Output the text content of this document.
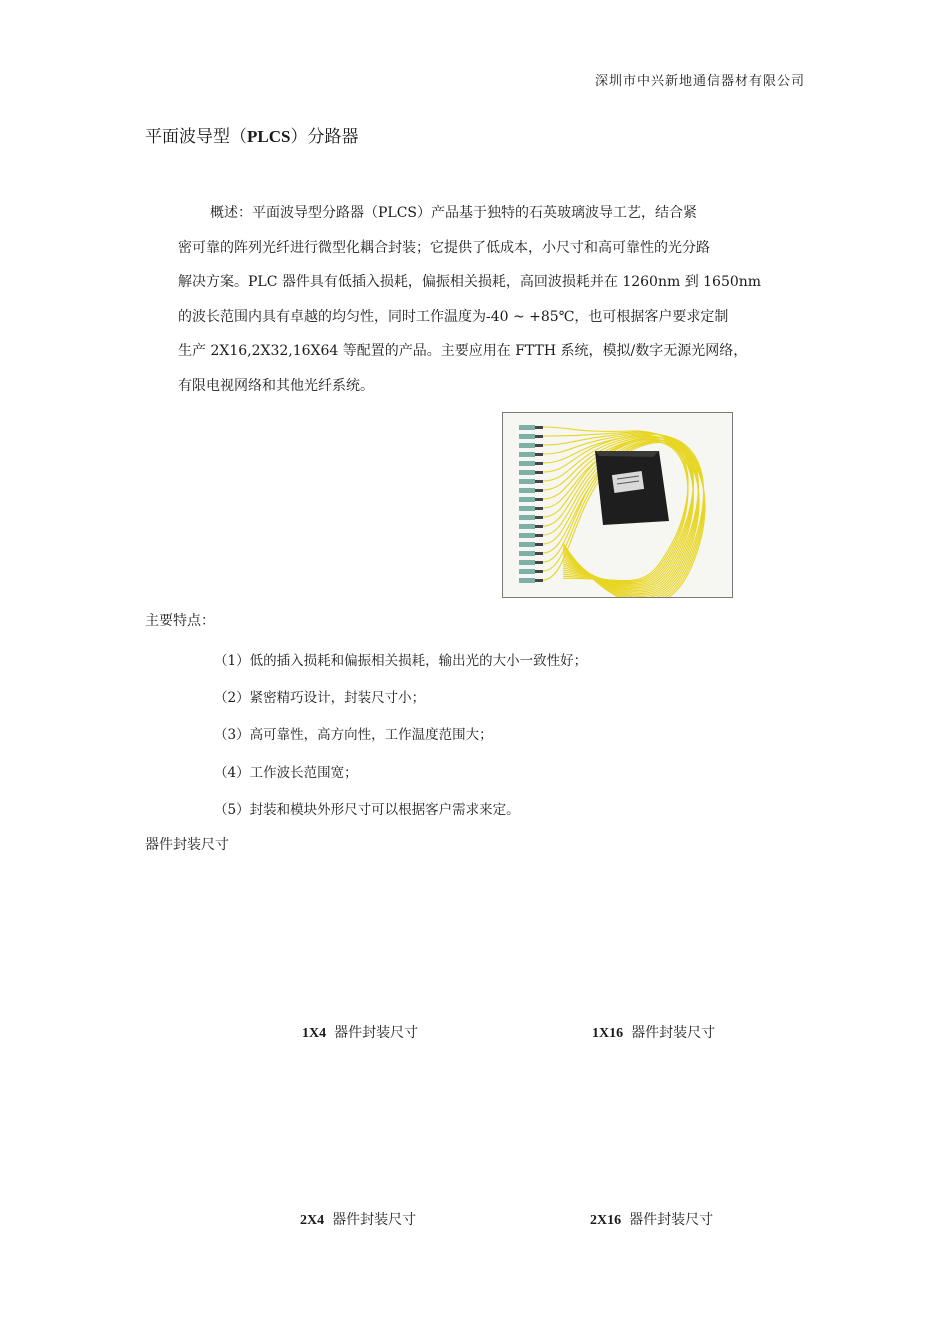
深圳市中兴新地通信器材有限公司
平面波导型（PLCS）分路器

概述：平面波导型分路器（PLCS）产品基于独特的石英玻璃波导工艺，结合紧

密可靠的阵列光纤进行微型化耦合封装；它提供了低成本，小尺寸和高可靠性的光分路

解决方案。PLC 器件具有低插入损耗，偏振相关损耗，高回波损耗并在 1260nm 到 1650nm

的波长范围内具有卓越的均匀性，同时工作温度为-40 ~ +85℃，也可根据客户要求定制

生产 2X16,2X32,16X64 等配置的产品。主要应用在 FTTH 系统，模拟/数字无源光网络，

有限电视网络和其他光纤系统。

主要特点：
（1）低的插入损耗和偏振相关损耗，输出光的大小一致性好；
（2）紧密精巧设计，封装尺寸小；
（3）高可靠性，高方向性，工作温度范围大；
（4）工作波长范围宽；
（5）封装和模块外形尺寸可以根据客户需求来定。
器件封装尺寸
1X4 器件封装尺寸	1X16 器件封装尺寸
2X4 器件封装尺寸	2X16 器件封装尺寸
